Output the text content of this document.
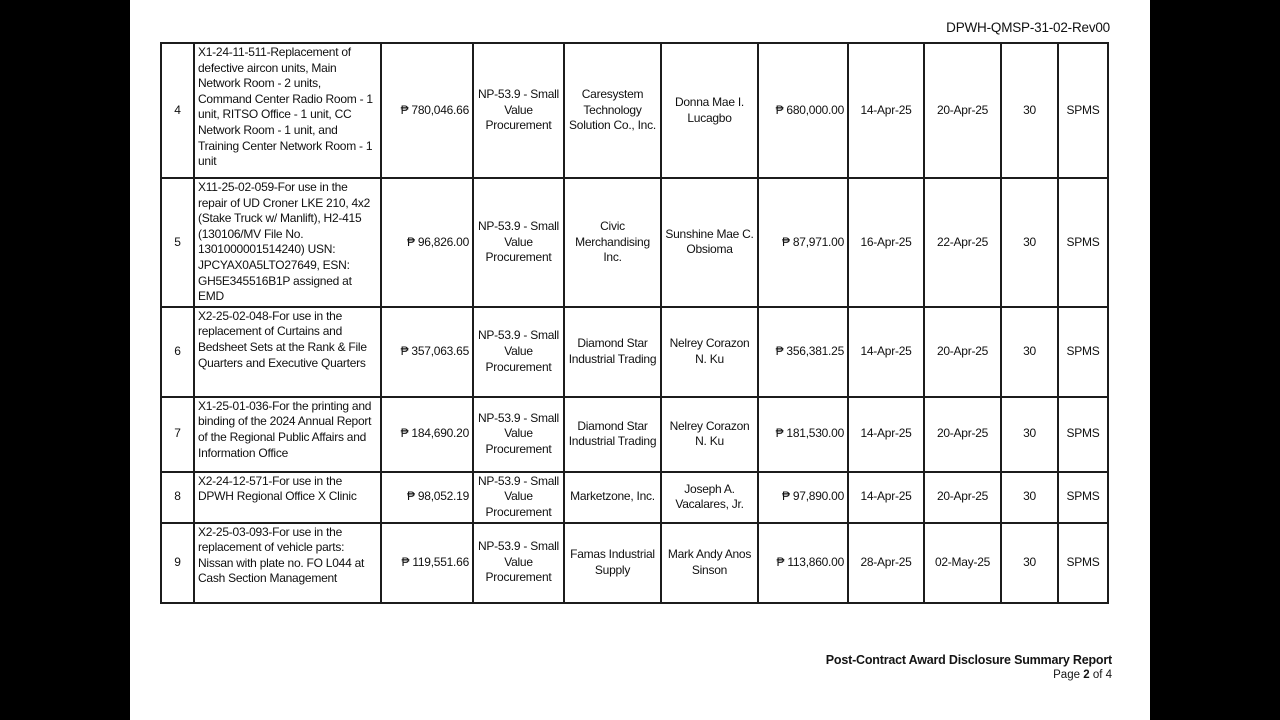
DPWH-QMSP-31-02-Rev00
4	X1-24-11-511-Replacement of defective aircon units, Main Network Room - 2 units, Command Center Radio Room - 1 unit, RITSO Office - 1 unit, CC Network Room - 1 unit, and Training Center Network Room - 1 unit	₱ 780,046.66	NP-53.9 - Small Value Procurement	Caresystem Technology Solution Co., Inc.	Donna Mae I. Lucagbo	₱ 680,000.00	14-Apr-25	20-Apr-25	30	SPMS
5	X11-25-02-059-For use in the repair of UD Croner LKE 210, 4x2 (Stake Truck w/ Manlift), H2-415 (130106/MV File No. 1301000001514240) USN: JPCYAX0A5LTO27649, ESN: GH5E345516B1P assigned at EMD	₱ 96,826.00	NP-53.9 - Small Value Procurement	Civic Merchandising Inc.	Sunshine Mae C. Obsioma	₱ 87,971.00	16-Apr-25	22-Apr-25	30	SPMS
6	X2-25-02-048-For use in the replacement of Curtains and Bedsheet Sets at the Rank & File Quarters and Executive Quarters	₱ 357,063.65	NP-53.9 - Small Value Procurement	Diamond Star Industrial Trading	Nelrey Corazon N. Ku	₱ 356,381.25	14-Apr-25	20-Apr-25	30	SPMS
7	X1-25-01-036-For the printing and binding of the 2024 Annual Report of the Regional Public Affairs and Information Office	₱ 184,690.20	NP-53.9 - Small Value Procurement	Diamond Star Industrial Trading	Nelrey Corazon N. Ku	₱ 181,530.00	14-Apr-25	20-Apr-25	30	SPMS
8	X2-24-12-571-For use in the DPWH Regional Office X Clinic	₱ 98,052.19	NP-53.9 - Small Value Procurement	Marketzone, Inc.	Joseph A. Vacalares, Jr.	₱ 97,890.00	14-Apr-25	20-Apr-25	30	SPMS
9	X2-25-03-093-For use in the replacement of vehicle parts: Nissan with plate no. FO L044 at Cash Section Management	₱ 119,551.66	NP-53.9 - Small Value Procurement	Famas Industrial Supply	Mark Andy Anos Sinson	₱ 113,860.00	28-Apr-25	02-May-25	30	SPMS
Post-Contract Award Disclosure Summary Report
Page 2 of 4
